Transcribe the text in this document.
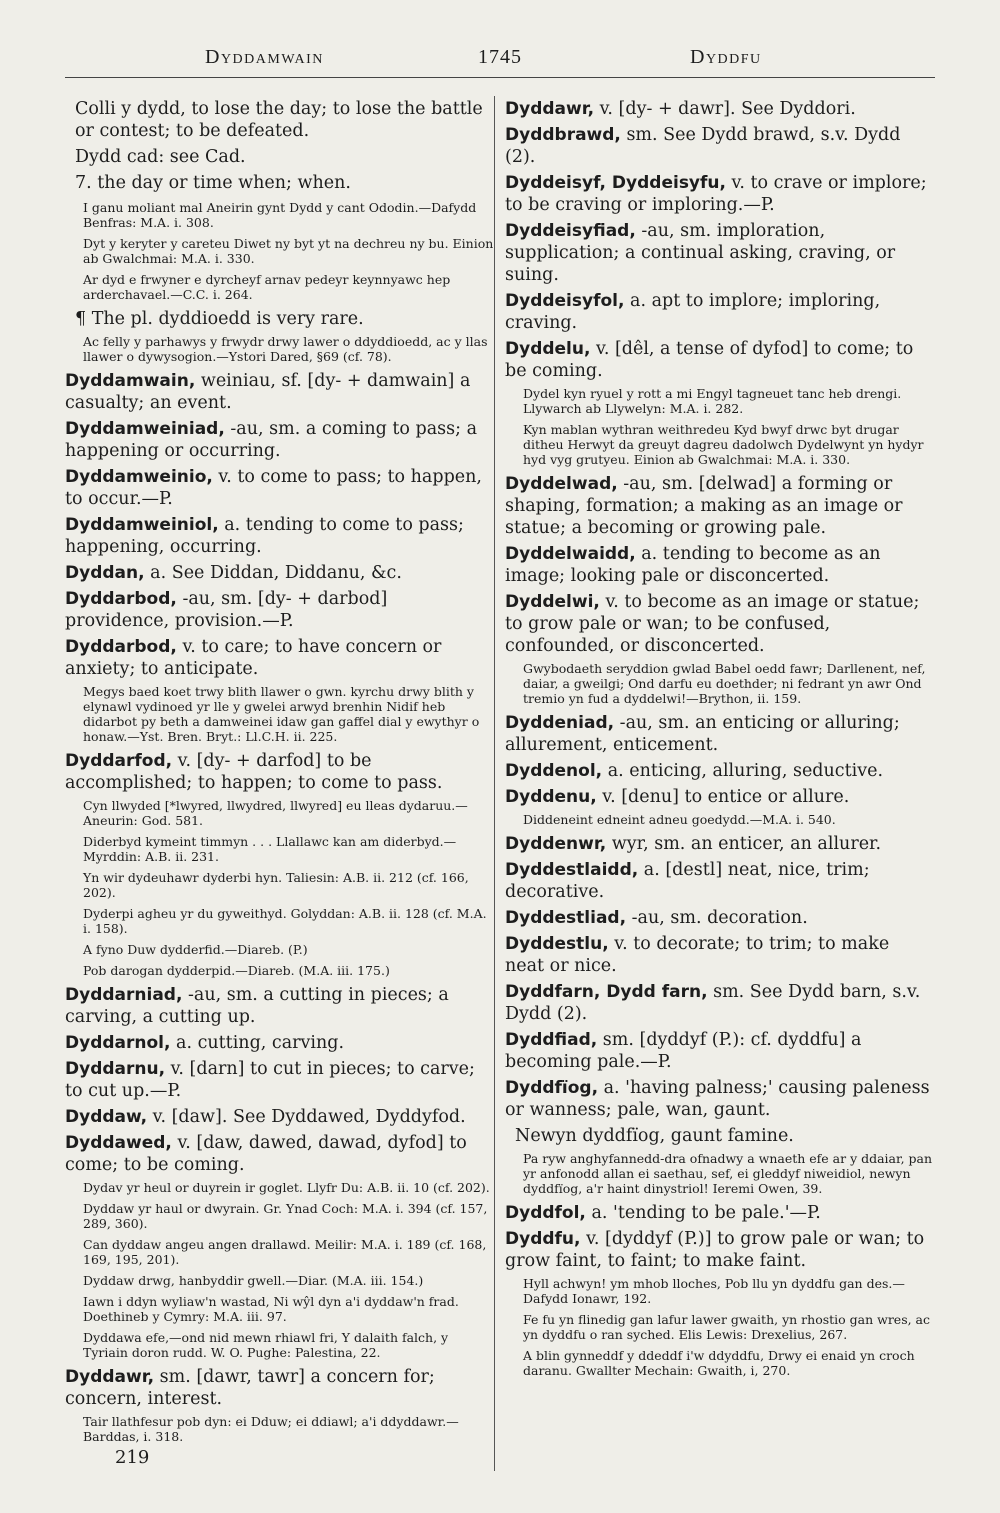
Dyddamwain	1745	Dyddfu
Colli y dydd, to lose the day; to lose the battle or contest; to be defeated.
Dydd cad: see Cad.
7. the day or time when; when.
I ganu moliant mal Aneirin gynt Dydd y cant Ododin.—Dafydd Benfras: M.A. i. 308.
Dyt y keryter y careteu Diwet ny byt yt na dechreu ny bu. Einion ab Gwalchmai: M.A. i. 330.
Ar dyd e frwyner e dyrcheyf arnav pedeyr keynnyawc hep arderchavael.—C.C. i. 264.
¶ The pl. dyddioedd is very rare.
Ac felly y parhawys y frwydr drwy lawer o ddyddioedd, ac y llas llawer o dywysogion.—Ystori Dared, §69 (cf. 78).
Dyddamwain, weiniau, sf. [dy- + damwain] a casualty; an event.
Dyddamweiniad, -au, sm. a coming to pass; a happening or occurring.
Dyddamweinio, v. to come to pass; to happen, to occur.—P.
Dyddamweiniol, a. tending to come to pass; happening, occurring.
Dyddan, a. See Diddan, Diddanu, &c.
Dyddarbod, -au, sm. [dy- + darbod] providence, provision.—P.
Dyddarbod, v. to care; to have concern or anxiety; to anticipate.
Megys baed koet trwy blith llawer o gwn. kyrchu drwy blith y elynawl vydinoed yr lle y gwelei arwyd brenhin Nidif heb didarbot py beth a damweinei idaw gan gaffel dial y ewythyr o honaw.—Yst. Bren. Bryt.: Ll.C.H. ii. 225.
Dyddarfod, v. [dy- + darfod] to be accomplished; to happen; to come to pass.
Cyn llwyded [*lwyred, llwydred, llwyred] eu lleas dydaruu.—Aneurin: God. 581.
Diderbyd kymeint timmyn . . . Llallawc kan am diderbyd.—Myrddin: A.B. ii. 231.
Yn wir dydeuhawr dyderbi hyn. Taliesin: A.B. ii. 212 (cf. 166, 202).
Dyderpi agheu yr du gyweithyd. Golyddan: A.B. ii. 128 (cf. M.A. i. 158).
A fyno Duw dydderfid.—Diareb. (P.)
Pob darogan dydderpid.—Diareb. (M.A. iii. 175.)
Dyddarniad, -au, sm. a cutting in pieces; a carving, a cutting up.
Dyddarnol, a. cutting, carving.
Dyddarnu, v. [darn] to cut in pieces; to carve; to cut up.—P.
Dyddaw, v. [daw]. See Dyddawed, Dyddyfod.
Dyddawed, v. [daw, dawed, dawad, dyfod] to come; to be coming.
Dydav yr heul or duyrein ir goglet. Llyfr Du: A.B. ii. 10 (cf. 202).
Dyddaw yr haul or dwyrain. Gr. Ynad Coch: M.A. i. 394 (cf. 157, 289, 360).
Can dyddaw angeu angen drallawd. Meilir: M.A. i. 189 (cf. 168, 169, 195, 201).
Dyddaw drwg, hanbyddir gwell.—Diar. (M.A. iii. 154.)
Iawn i ddyn wyliaw'n wastad, Ni wŷl dyn a'i dyddaw'n frad. Doethineb y Cymry: M.A. iii. 97.
Dyddawa efe,—ond nid mewn rhiawl fri, Y dalaith falch, y Tyriain doron rudd. W. O. Pughe: Palestina, 22.
Dyddawr, sm. [dawr, tawr] a concern for; concern, interest.
Tair llathfesur pob dyn: ei Dduw; ei ddiawl; a'i ddyddawr.—Barddas, i. 318.
Dyddawr, v. [dy- + dawr]. See Dyddori.
Dyddbrawd, sm. See Dydd brawd, s.v. Dydd (2).
Dyddeisyf, Dyddeisyfu, v. to crave or implore; to be craving or imploring.—P.
Dyddeisyfiad, -au, sm. imploration, supplication; a continual asking, craving, or suing.
Dyddeisyfol, a. apt to implore; imploring, craving.
Dyddelu, v. [dêl, a tense of dyfod] to come; to be coming.
Dydel kyn ryuel y rott a mi Engyl tagneuet tanc heb drengi. Llywarch ab Llywelyn: M.A. i. 282.
Kyn mablan wythran weithredeu Kyd bwyf drwc byt drugar ditheu Herwyt da greuyt dagreu dadolwch Dydelwynt yn hydyr hyd vyg grutyeu. Einion ab Gwalchmai: M.A. i. 330.
Dyddelwad, -au, sm. [delwad] a forming or shaping, formation; a making as an image or statue; a becoming or growing pale.
Dyddelwaidd, a. tending to become as an image; looking pale or disconcerted.
Dyddelwi, v. to become as an image or statue; to grow pale or wan; to be confused, confounded, or disconcerted.
Gwybodaeth seryddion gwlad Babel oedd fawr; Darllenent, nef, daiar, a gweilgi; Ond darfu eu doethder; ni fedrant yn awr Ond tremio yn fud a dyddelwi!—Brython, ii. 159.
Dyddeniad, -au, sm. an enticing or alluring; allurement, enticement.
Dyddenol, a. enticing, alluring, seductive.
Dyddenu, v. [denu] to entice or allure.
Diddeneint edneint adneu goedydd.—M.A. i. 540.
Dyddenwr, wyr, sm. an enticer, an allurer.
Dyddestlaidd, a. [destl] neat, nice, trim; decorative.
Dyddestliad, -au, sm. decoration.
Dyddestlu, v. to decorate; to trim; to make neat or nice.
Dyddfarn, Dydd farn, sm. See Dydd barn, s.v. Dydd (2).
Dyddfiad, sm. [dyddyf (P.): cf. dyddfu] a becoming pale.—P.
Dyddfïog, a. 'having palness;' causing paleness or wanness; pale, wan, gaunt.
Newyn dyddfïog, gaunt famine.
Pa ryw anghyfannedd-dra ofnadwy a wnaeth efe ar y ddaiar, pan yr anfonodd allan ei saethau, sef, ei gleddyf niweidiol, newyn dyddfïog, a'r haint dinystriol! Ieremi Owen, 39.
Dyddfol, a. 'tending to be pale.'—P.
Dyddfu, v. [dyddyf (P.)] to grow pale or wan; to grow faint, to faint; to make faint.
Hyll achwyn! ym mhob lloches, Pob llu yn dyddfu gan des.—Dafydd Ionawr, 192.
Fe fu yn flinedig gan lafur lawer gwaith, yn rhostio gan wres, ac yn dyddfu o ran syched. Elis Lewis: Drexelius, 267.
A blin gynneddf y ddeddf i'w ddyddfu, Drwy ei enaid yn croch daranu. Gwallter Mechain: Gwaith, i, 270.
219
